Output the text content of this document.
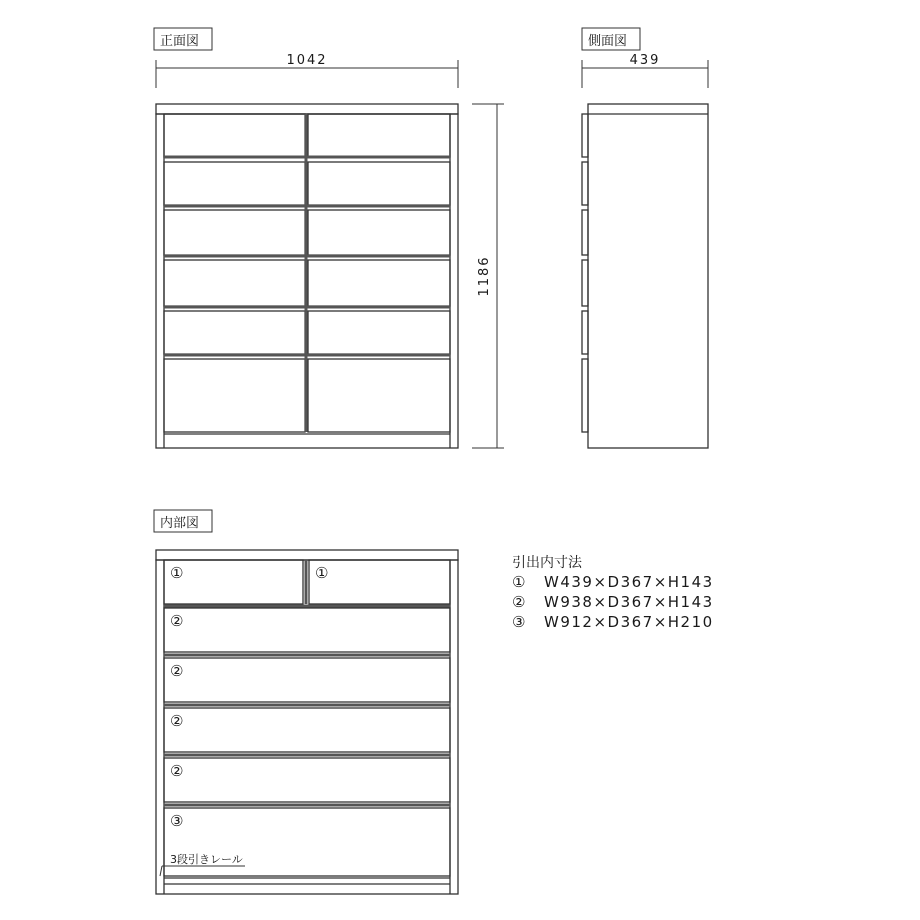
正面図
1042
1186
側面図
439
内部図
①	①
②
②
②
②
③
3段引きレール
引出内寸法
① W439×D367×H143
② W938×D367×H143
③ W912×D367×H210
